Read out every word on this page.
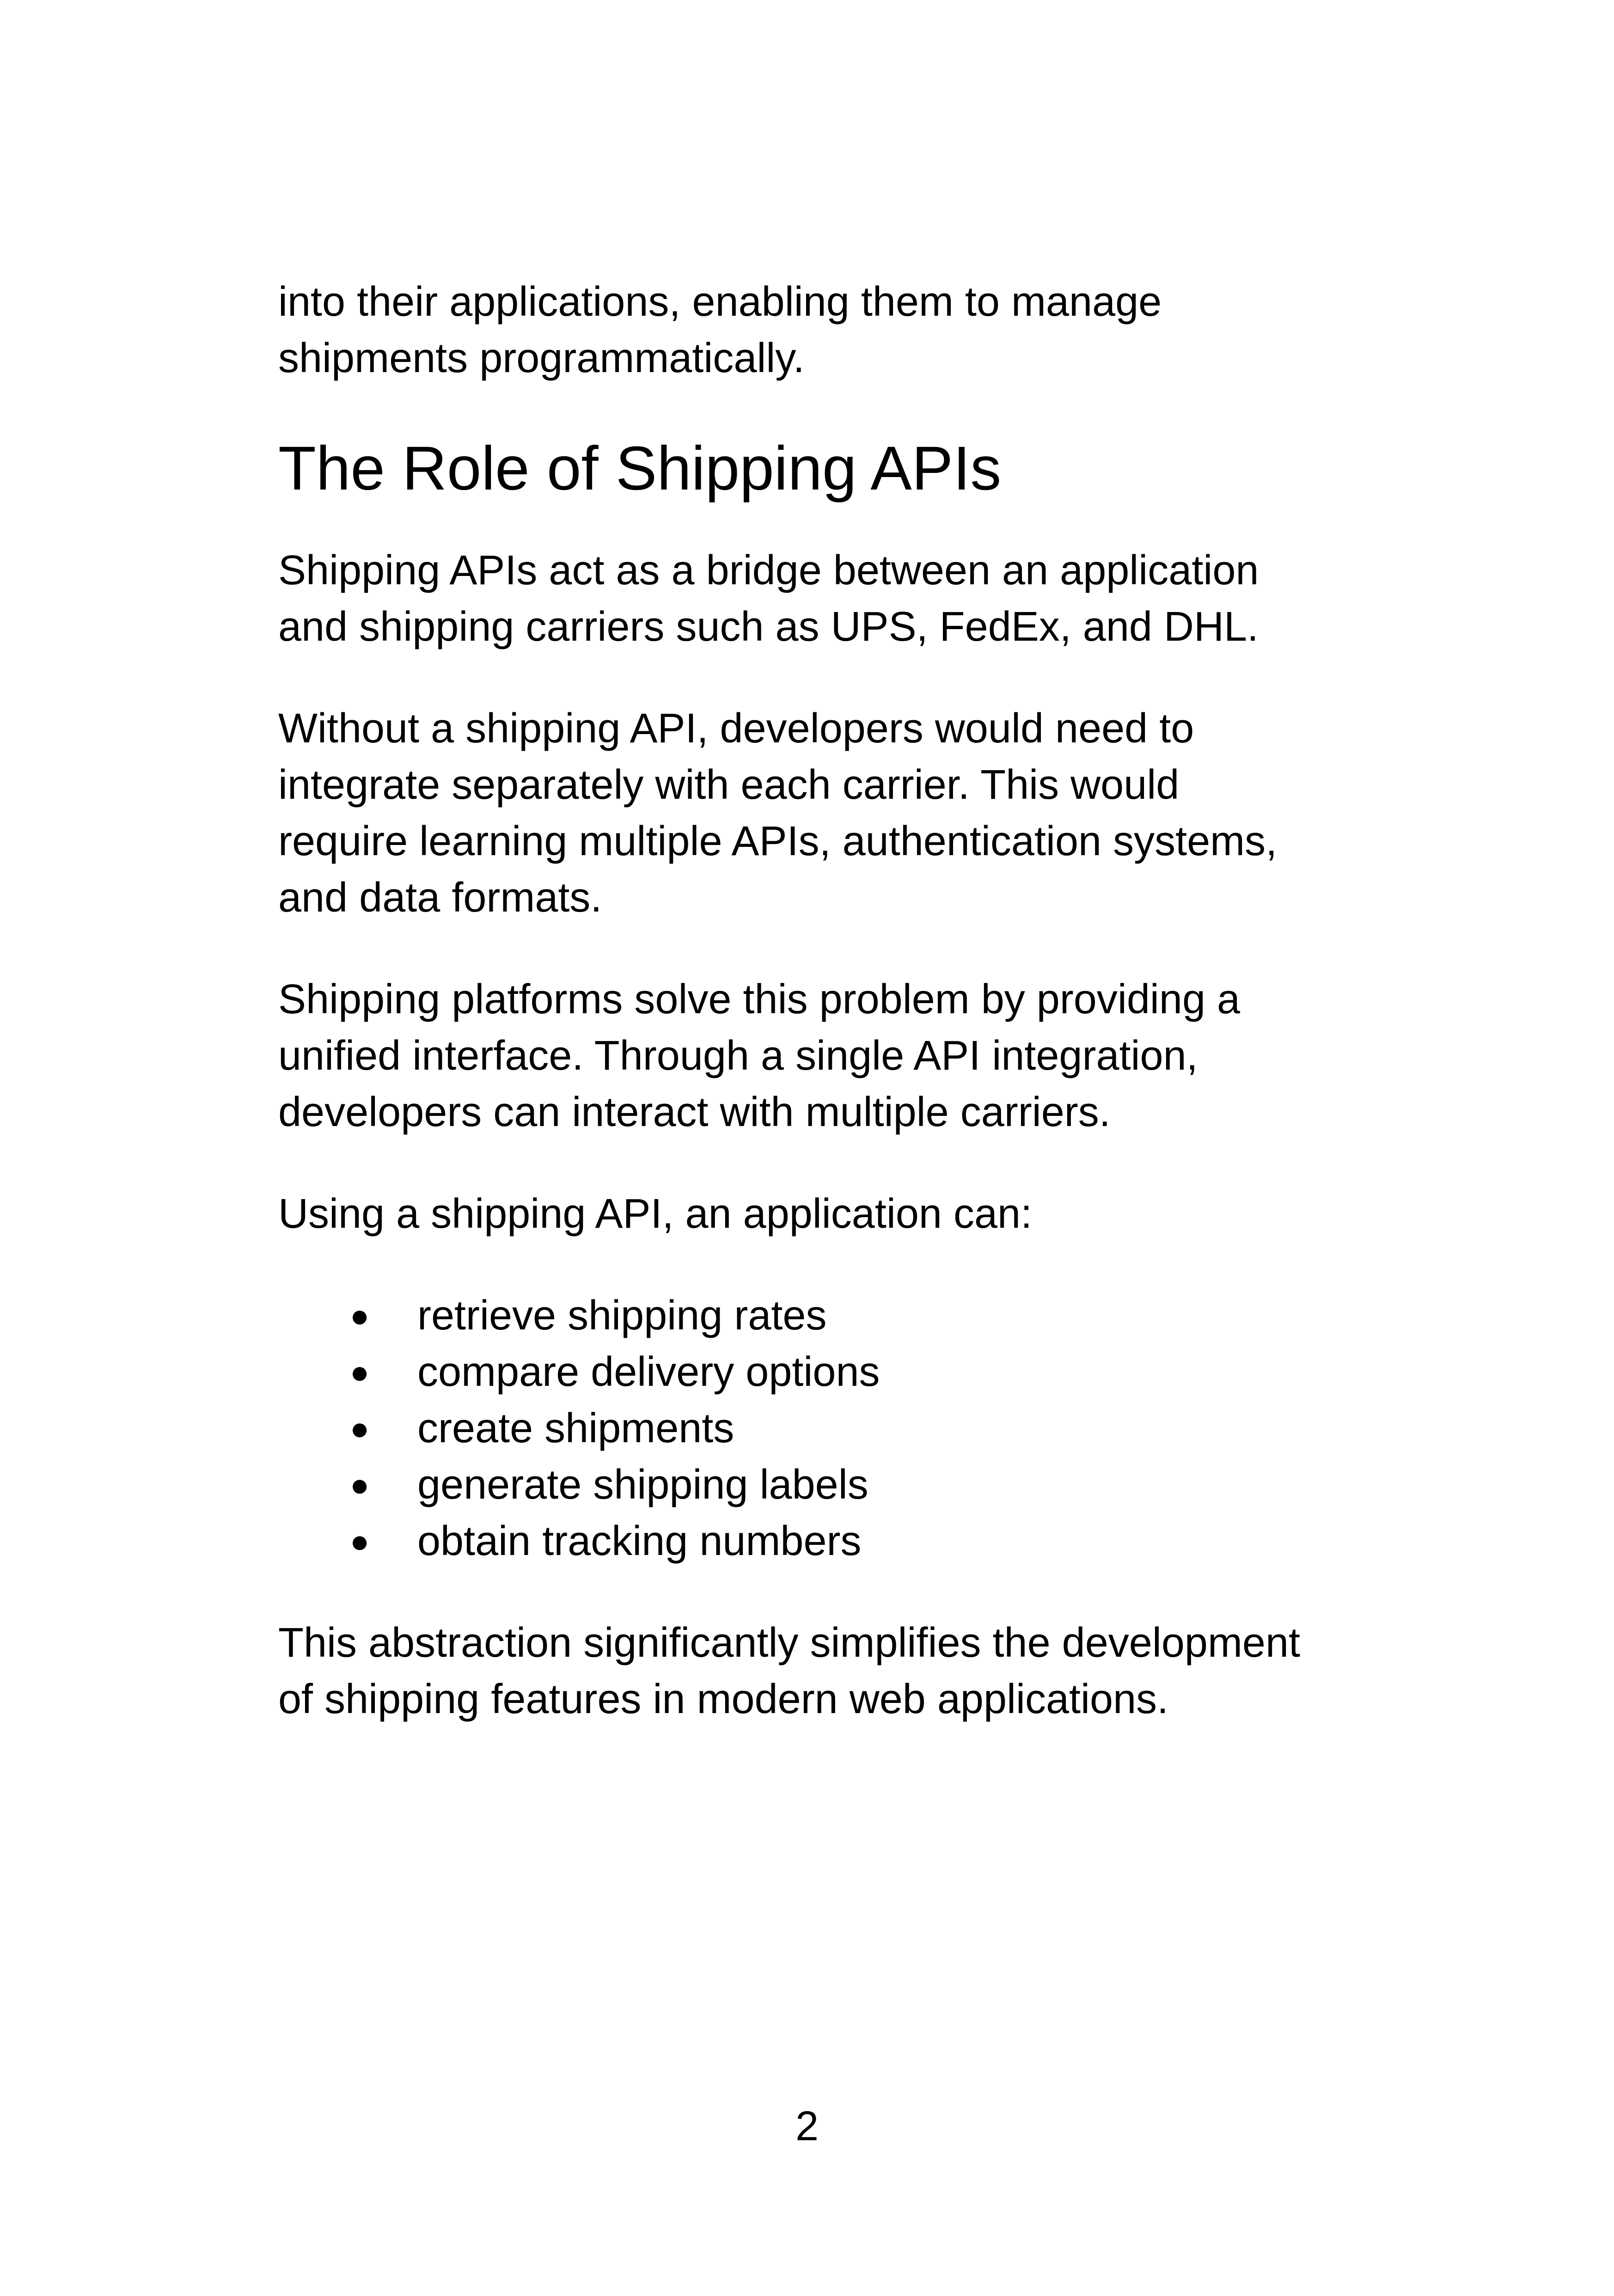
into their applications, enabling them to manage
shipments programmatically.

The Role of Shipping APIs

Shipping APIs act as a bridge between an application
and shipping carriers such as UPS, FedEx, and DHL.

Without a shipping API, developers would need to
integrate separately with each carrier. This would
require learning multiple APIs, authentication systems,
and data formats.

Shipping platforms solve this problem by providing a
unified interface. Through a single API integration,
developers can interact with multiple carriers.

Using a shipping API, an application can:

● retrieve shipping rates
● compare delivery options
● create shipments
● generate shipping labels
● obtain tracking numbers

This abstraction significantly simplifies the development
of shipping features in modern web applications.

2
